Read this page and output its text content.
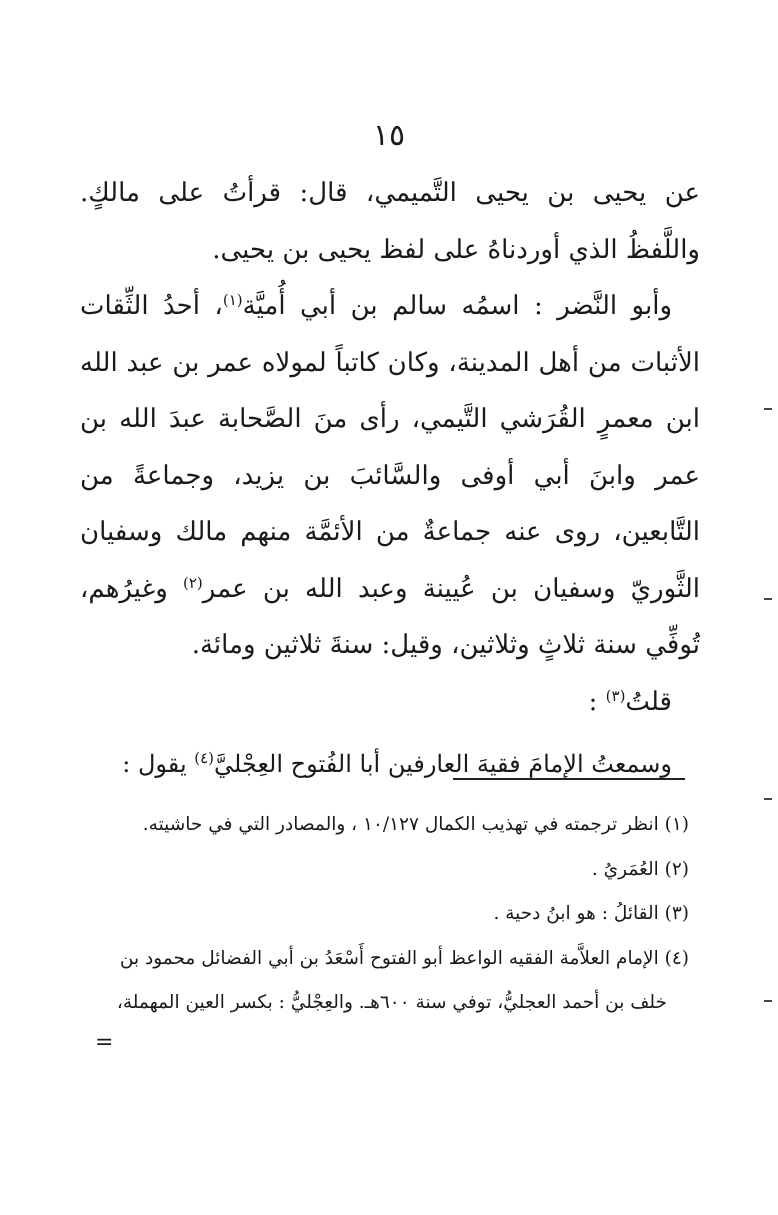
١٥

عن يحيى بن يحيى التَّميمي، قال: قرأتُ على مالكٍ. واللَّفظُ الذي أوردناهُ على لفظ يحيى بن يحيى.

وأبو النَّضر : اسمُه سالم بن أبي أُميَّة$^{(١)}$، أحدُ الثِّقات الأثبات من أهل المدينة، وكان كاتباً لمولاه عمر بن عبد الله ابن معمرٍ القُرَشي التَّيمي، رأى منَ الصَّحابة عبدَ الله بن عمر وابنَ أبي أوفى والسَّائبَ بن يزيد، وجماعةً من التَّابعين، روى عنه جماعةٌ من الأئمَّة منهم مالك وسفيان الثَّوريّ وسفيان بن عُيينة وعبد الله بن عمر$^{(٢)}$ وغيرُهم، تُوفِّي سنة ثلاثٍ وثلاثين، وقيل: سنةَ ثلاثين ومائة.

قلتُ$^{(٣)}$ :

وسمعتُ الإمامَ فقيهَ العارفين أبا الفُتوح العِجْليَّ$^{(٤)}$ يقول :

(١) انظر ترجمته في تهذيب الكمال ١٠/١٢٧ ، والمصادر التي في حاشيته.

(٢) العُمَريُ .

(٣) القائلُ : هو ابنُ دحية .

(٤) الإمام العلاَّمة الفقيه الواعظ أبو الفتوح أَسْعَدُ بن أبي الفضائل محمود بن

خلف بن أحمد العجليُّ، توفي سنة ٦٠٠هـ. والعِجْليُّ : بكسر العين المهملة،

=
